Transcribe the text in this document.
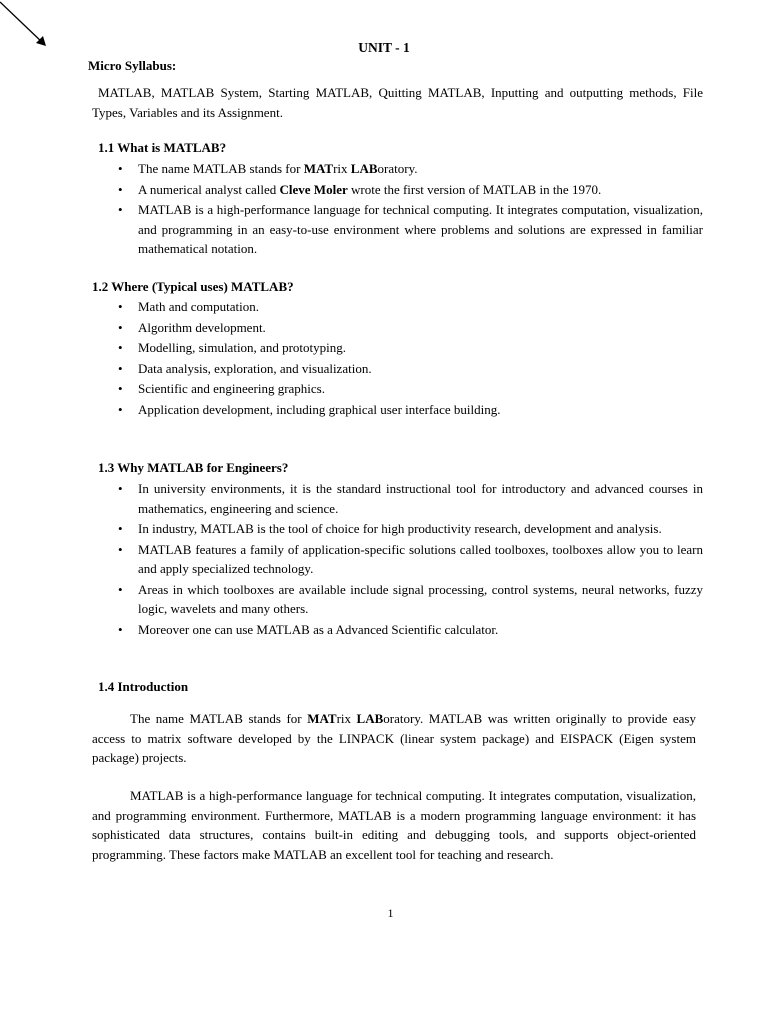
UNIT - 1
Micro Syllabus:
MATLAB, MATLAB System, Starting MATLAB, Quitting MATLAB, Inputting and outputting methods, File Types, Variables and its Assignment.
1.1 What is MATLAB?
• The name MATLAB stands for MATrix LABoratory.
• A numerical analyst called Cleve Moler wrote the first version of MATLAB in the 1970.
• MATLAB is a high-performance language for technical computing. It integrates computation, visualization, and programming in an easy-to-use environment where problems and solutions are expressed in familiar mathematical notation.
1.2 Where (Typical uses) MATLAB?
• Math and computation.
• Algorithm development.
• Modelling, simulation, and prototyping.
• Data analysis, exploration, and visualization.
• Scientific and engineering graphics.
• Application development, including graphical user interface building.
1.3 Why MATLAB for Engineers?
• In university environments, it is the standard instructional tool for introductory and advanced courses in mathematics, engineering and science.
• In industry, MATLAB is the tool of choice for high productivity research, development and analysis.
• MATLAB features a family of application-specific solutions called toolboxes, toolboxes allow you to learn and apply specialized technology.
• Areas in which toolboxes are available include signal processing, control systems, neural networks, fuzzy logic, wavelets and many others.
• Moreover one can use MATLAB as a Advanced Scientific calculator.
1.4 Introduction
The name MATLAB stands for MATrix LABoratory. MATLAB was written originally to provide easy access to matrix software developed by the LINPACK (linear system package) and EISPACK (Eigen system package) projects.
MATLAB is a high-performance language for technical computing. It integrates computation, visualization, and programming environment. Furthermore, MATLAB is a modern programming language environment: it has sophisticated data structures, contains built-in editing and debugging tools, and supports object-oriented programming. These factors make MATLAB an excellent tool for teaching and research.
1
